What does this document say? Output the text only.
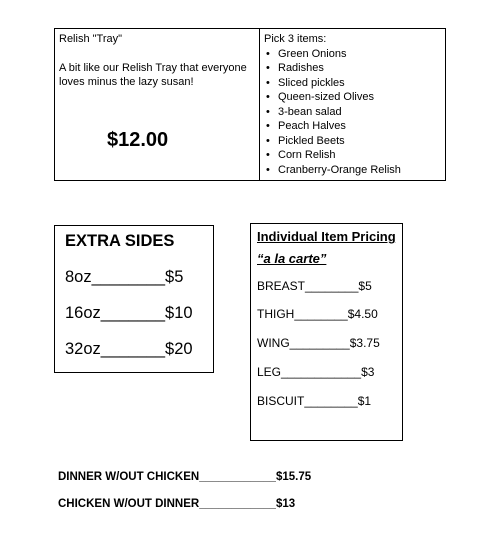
Relish "Tray"
A bit like our Relish Tray that everyone loves minus the lazy susan!
$12.00

Pick 3 items:
• Green Onions
• Radishes
• Sliced pickles
• Queen-sized Olives
• 3-bean salad
• Peach Halves
• Pickled Beets
• Corn Relish
• Cranberry-Orange Relish
EXTRA SIDES
8oz________$5
16oz_______$10
32oz_______$20
Individual Item Pricing
“a la carte”
BREAST________$5
THIGH________$4.50
WING_________$3.75
LEG____________$3
BISCUIT________$1
DINNER W/OUT CHICKEN____________$15.75
CHICKEN W/OUT DINNER____________$13
